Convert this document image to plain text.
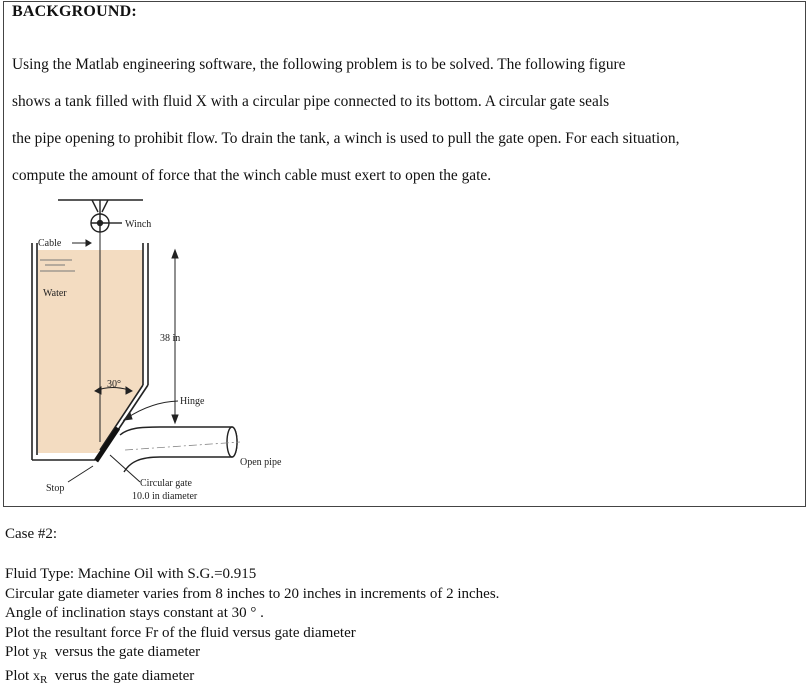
BACKGROUND:

Using the Matlab engineering software, the following problem is to be solved. The following figure

shows a tank filled with fluid X with a circular pipe connected to its bottom. A circular gate seals

the pipe opening to prohibit flow. To drain the tank, a winch is used to pull the gate open. For each situation,

compute the amount of force that the winch cable must exert to open the gate.

Winch
Cable
Water
38 in
30°
Hinge
Open pipe
Stop	Circular gate
10.0 in diameter
Case #2:
Fluid Type: Machine Oil with S.G.=0.915
Circular gate diameter varies from 8 inches to 20 inches in increments of 2 inches.
Angle of inclination stays constant at 30 ° .
Plot the resultant force Fr of the fluid versus gate diameter
Plot $y_R$  versus the gate diameter
Plot $x_R$  verus the gate diameter
